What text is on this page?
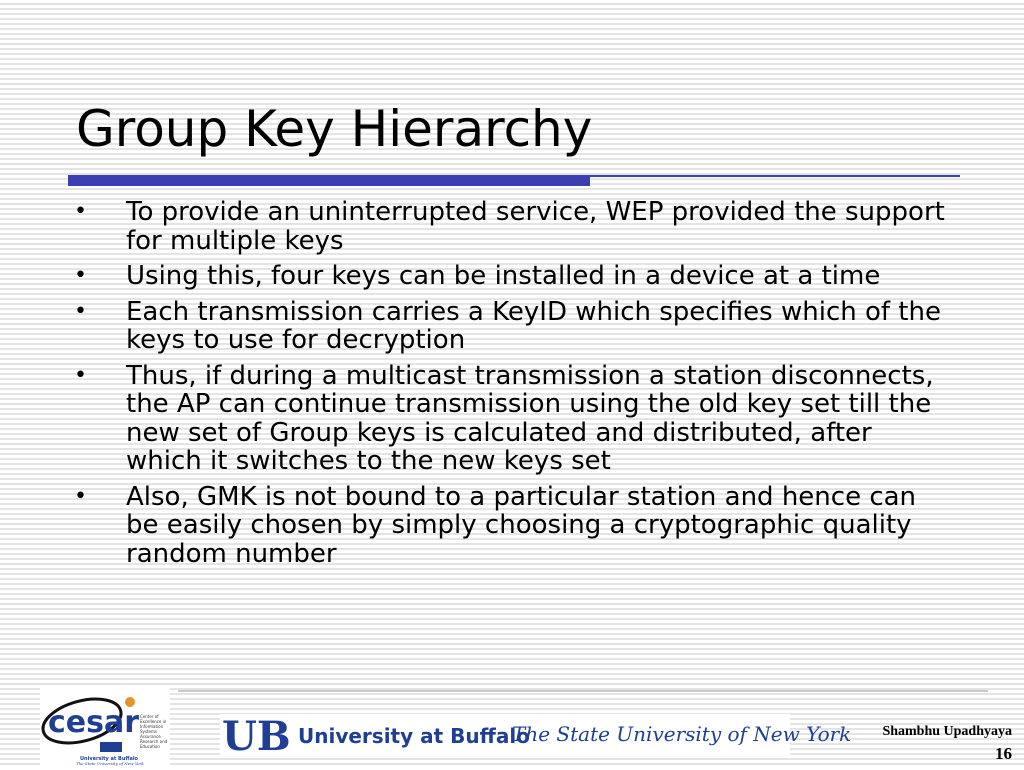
Group Key Hierarchy
• To provide an uninterrupted service, WEP provided the support for multiple keys
• Using this, four keys can be installed in a device at a time
• Each transmission carries a KeyID which specifies which of the keys to use for decryption
• Thus, if during a multicast transmission a station disconnects, the AP can continue transmission using the old key set till the new set of Group keys is calculated and distributed, after which it switches to the new keys set
• Also, GMK is not bound to a particular station and hence can be easily chosen by simply choosing a cryptographic quality random number
cesar Center of
Excellence in
Information
Systems
Assurance
Research and
Education
University at Buffalo
The State University of New York
UB University at Buffalo
The State University of New York Shambhu Upadhyaya
16
